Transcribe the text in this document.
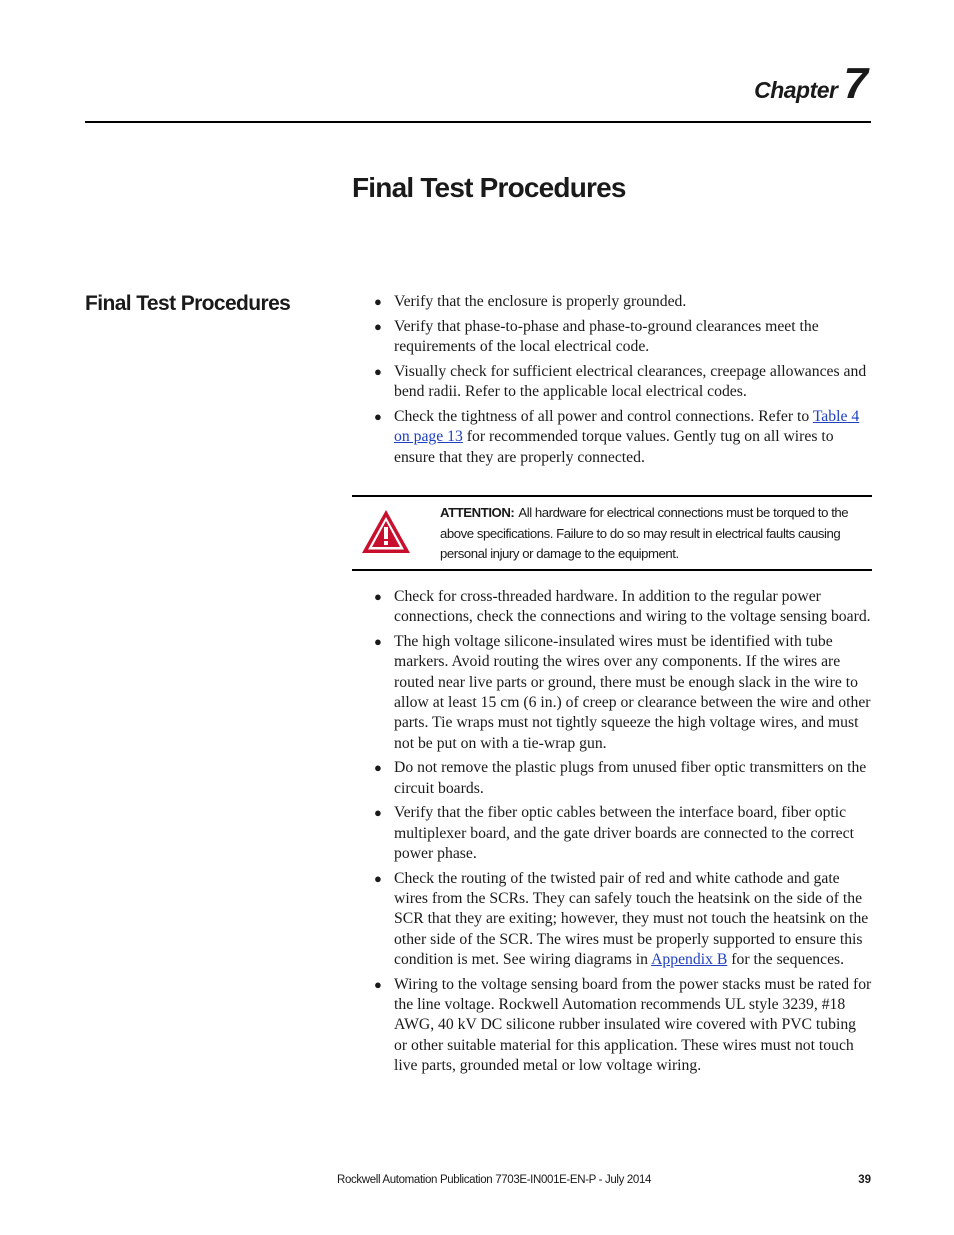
Chapter 7
Final Test Procedures
Final Test Procedures	● Verify that the enclosure is properly grounded.
● Verify that phase-to-phase and phase-to-ground clearances meet the requirements of the local electrical code.
● Visually check for sufficient electrical clearances, creepage allowances and bend radii. Refer to the applicable local electrical codes.
● Check the tightness of all power and control connections. Refer to Table 4 on page 13 for recommended torque values. Gently tug on all wires to ensure that they are properly connected.
ATTENTION: All hardware for electrical connections must be torqued to the above specifications. Failure to do so may result in electrical faults causing personal injury or damage to the equipment.
● Check for cross-threaded hardware. In addition to the regular power connections, check the connections and wiring to the voltage sensing board.
● The high voltage silicone-insulated wires must be identified with tube markers. Avoid routing the wires over any components. If the wires are routed near live parts or ground, there must be enough slack in the wire to allow at least 15 cm (6 in.) of creep or clearance between the wire and other parts. Tie wraps must not tightly squeeze the high voltage wires, and must not be put on with a tie-wrap gun.
● Do not remove the plastic plugs from unused fiber optic transmitters on the circuit boards.
● Verify that the fiber optic cables between the interface board, fiber optic multiplexer board, and the gate driver boards are connected to the correct power phase.
● Check the routing of the twisted pair of red and white cathode and gate wires from the SCRs. They can safely touch the heatsink on the side of the SCR that they are exiting; however, they must not touch the heatsink on the other side of the SCR. The wires must be properly supported to ensure this condition is met. See wiring diagrams in Appendix B for the sequences.
● Wiring to the voltage sensing board from the power stacks must be rated for the line voltage. Rockwell Automation recommends UL style 3239, #18 AWG, 40 kV DC silicone rubber insulated wire covered with PVC tubing or other suitable material for this application. These wires must not touch live parts, grounded metal or low voltage wiring.
Rockwell Automation Publication 7703E-IN001E-EN-P - July 2014	39
